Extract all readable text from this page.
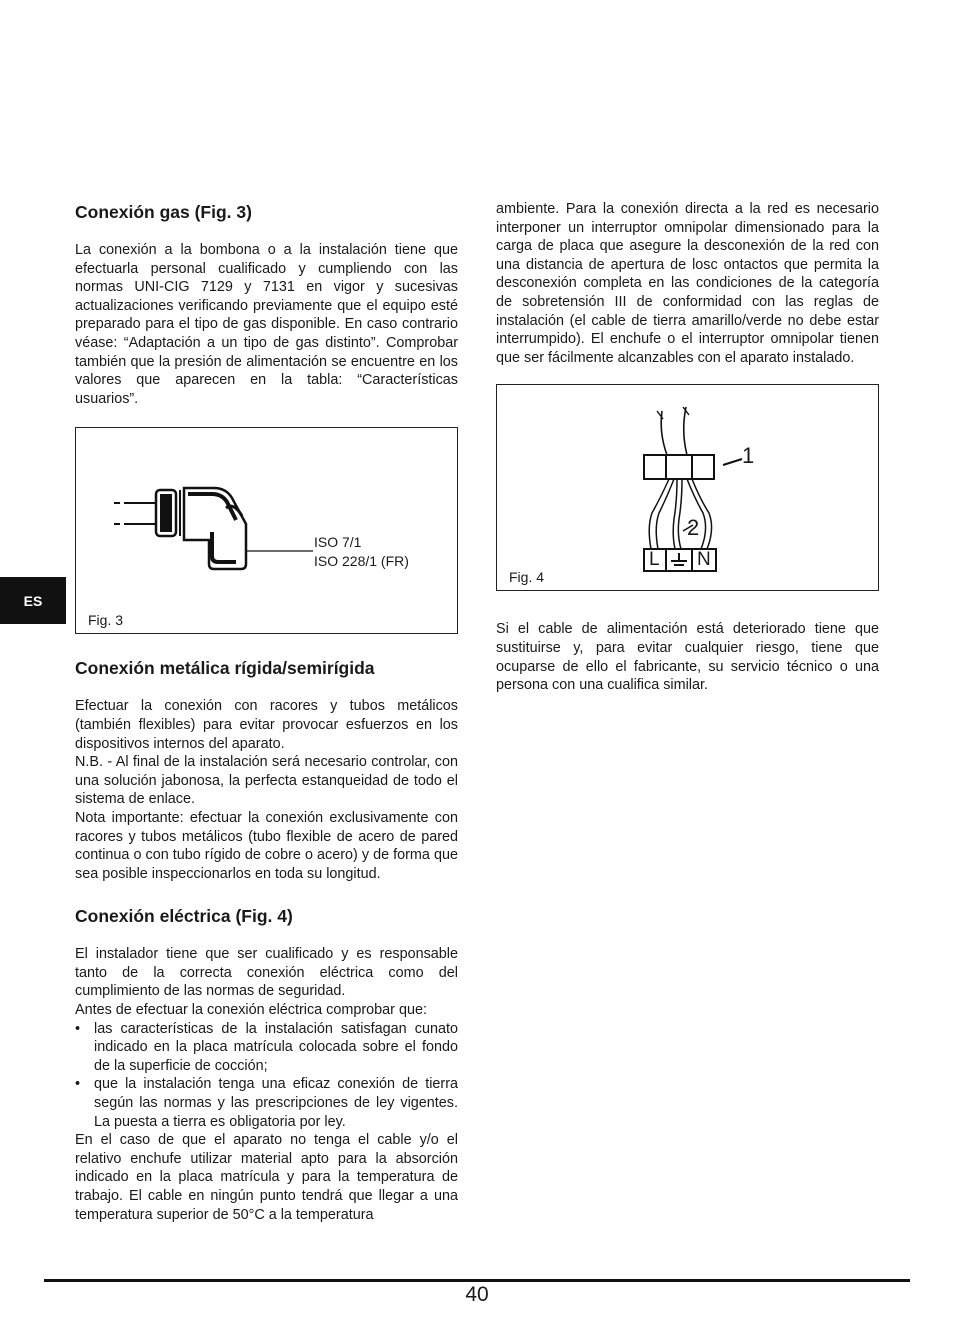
ES
Conexión gas (Fig. 3)

La conexión a la bombona o a la instalación tiene que efectuarla personal cualificado y cumpliendo con las normas UNI-CIG 7129 y 7131 en vigor y sucesivas actualizaciones verificando previamente que el equipo esté preparado para el tipo de gas disponible. En caso contrario véase: “Adaptación a un tipo de gas distinto”. Comprobar también que la presión de alimentación se encuentre en los valores que aparecen en la tabla: “Características usuarios”.

ISO 7/1
ISO 228/1 (FR)
Fig. 3
Conexión metálica rígida/semirígida

Efectuar la conexión con racores y tubos metálicos (también flexibles) para evitar provocar esfuerzos en los dispositivos internos del aparato.

N.B. - Al final de la instalación será necesario controlar, con una solución jabonosa, la perfecta estanqueidad de todo el sistema de enlace.

Nota importante: efectuar la conexión exclusivamente con racores y tubos metálicos (tubo flexible de acero de pared continua o con tubo rígido de cobre o acero) y de forma que sea posible inspeccionarlos en toda su longitud.

Conexión eléctrica (Fig. 4)

El instalador tiene que ser cualificado y es responsable tanto de la correcta conexión eléctrica como del cumplimiento de las normas de seguridad.

Antes de efectuar la conexión eléctrica comprobar que:

• las características de la instalación satisfagan cunato indicado en la placa matrícula colocada sobre el fondo de la superficie de cocción;
• que la instalación tenga una eficaz conexión de tierra según las normas y las prescripciones de ley vigentes. La puesta a tierra es obligatoria por ley.

En el caso de que el aparato no tenga el cable y/o el relativo enchufe utilizar material apto para la absorción indicado en la placa matrícula y para la temperatura de trabajo. El cable en ningún punto tendrá que llegar a una temperatura superior de 50°C a la temperatura

ambiente. Para la conexión directa a la red es necesario interponer un interruptor omnipolar dimensionado para la carga de placa que asegure la desconexión de la red con una distancia de apertura de losc ontactos que permita la desconexión completa en las condiciones de la categoría de sobretensión III de conformidad con las reglas de instalación (el cable de tierra amarillo/verde no debe estar interrumpido). El enchufe o el interruptor omnipolar tienen que ser fácilmente alcanzables con el aparato instalado.

1
2
L N
Fig. 4

Si el cable de alimentación está deteriorado tiene que sustituirse y, para evitar cualquier riesgo, tiene que ocuparse de ello el fabricante, su servicio técnico o una persona con una cualifica similar.

40
